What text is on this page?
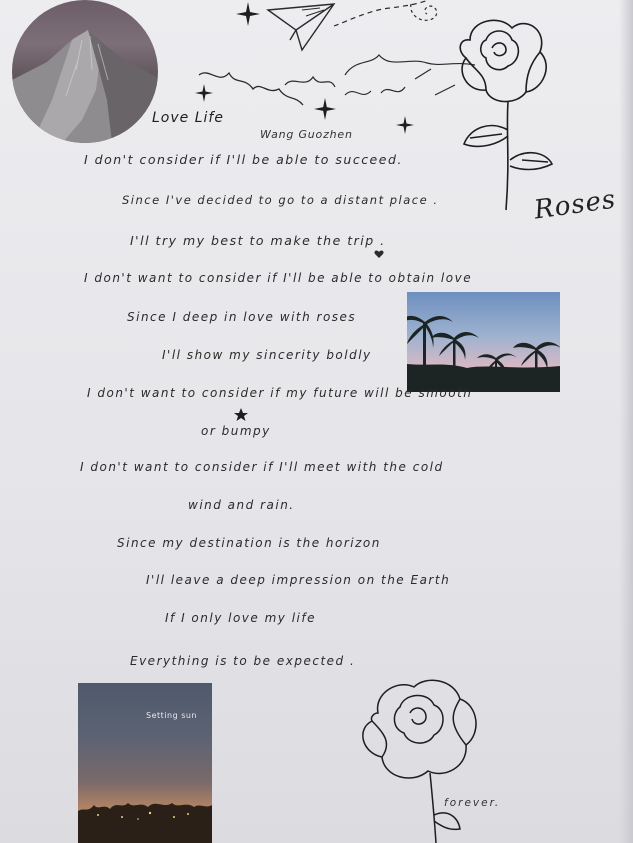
Roses
Love Life
Wang Guozhen
I don't consider if I'll be able to succeed.
Since I've decided to go to a distant place .
I'll try my best to make the trip .
I don't want to consider if I'll be able to obtain love
Since I deep in love with roses
I'll show my sincerity boldly
I don't want to consider if my future will be smooth
or bumpy
I don't want to consider if I'll meet with the cold
wind and rain.
Since my destination is the horizon
I'll leave a deep impression on the Earth
If I only love my life
Everything is to be expected .
Setting sun
forever.
